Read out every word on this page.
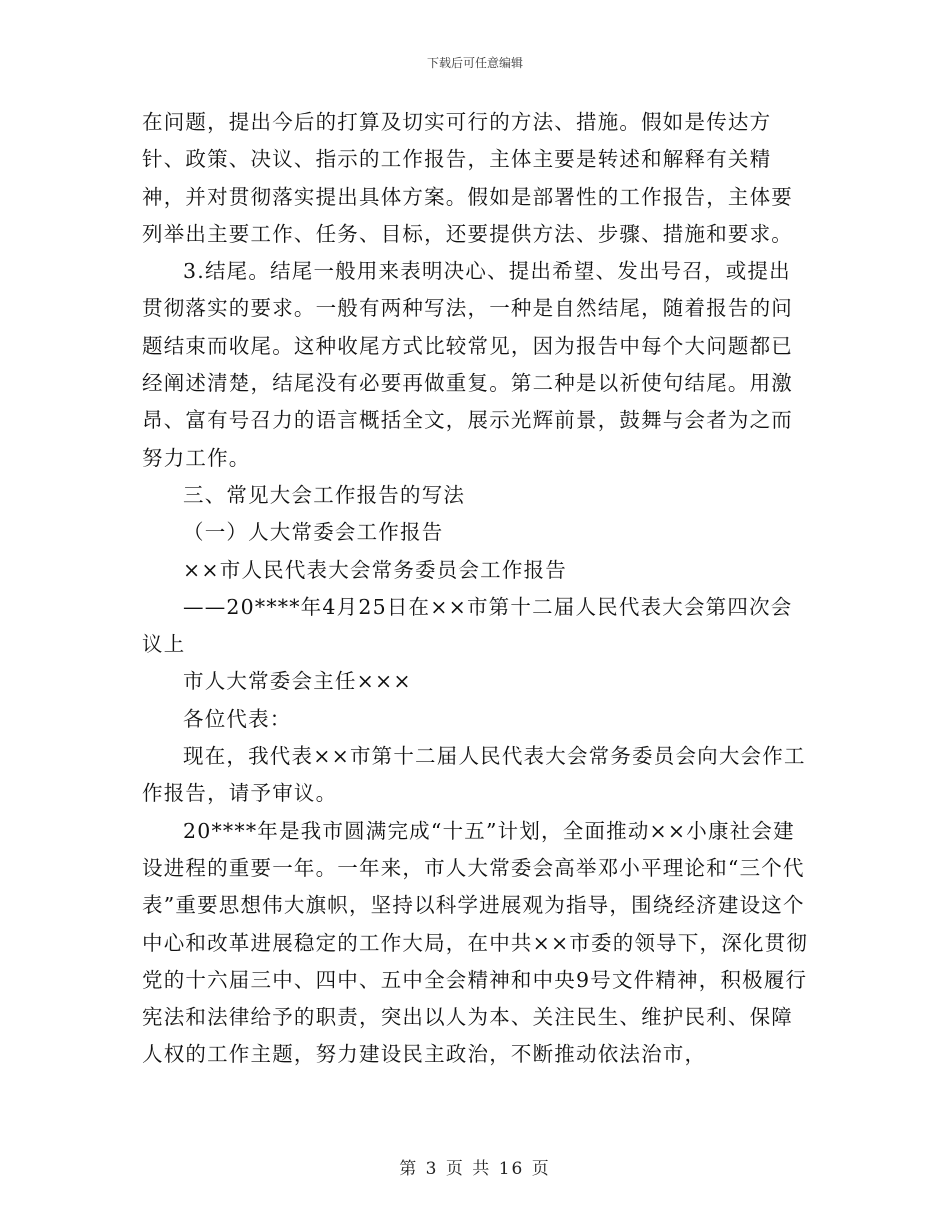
下载后可任意编辑

在问题，提出今后的打算及切实可行的方法、措施。假如是传达方针、政策、决议、指示的工作报告，主体主要是转述和解释有关精神，并对贯彻落实提出具体方案。假如是部署性的工作报告，主体要列举出主要工作、任务、目标，还要提供方法、步骤、措施和要求。

3.结尾。结尾一般用来表明决心、提出希望、发出号召，或提出贯彻落实的要求。一般有两种写法，一种是自然结尾，随着报告的问题结束而收尾。这种收尾方式比较常见，因为报告中每个大问题都已经阐述清楚，结尾没有必要再做重复。第二种是以祈使句结尾。用激昂、富有号召力的语言概括全文，展示光辉前景，鼓舞与会者为之而努力工作。

三、常见大会工作报告的写法

（一）人大常委会工作报告

××市人民代表大会常务委员会工作报告

——20****年4月25日在××市第十二届人民代表大会第四次会议上

市人大常委会主任×××

各位代表：

现在，我代表××市第十二届人民代表大会常务委员会向大会作工作报告，请予审议。

20****年是我市圆满完成“十五”计划，全面推动××小康社会建设进程的重要一年。一年来，市人大常委会高举邓小平理论和“三个代表”重要思想伟大旗帜，坚持以科学进展观为指导，围绕经济建设这个中心和改革进展稳定的工作大局，在中共××市委的领导下，深化贯彻党的十六届三中、四中、五中全会精神和中央9号文件精神，积极履行宪法和法律给予的职责，突出以人为本、关注民生、维护民利、保障人权的工作主题，努力建设民主政治，不断推动依法治市，

第 3 页 共 16 页
